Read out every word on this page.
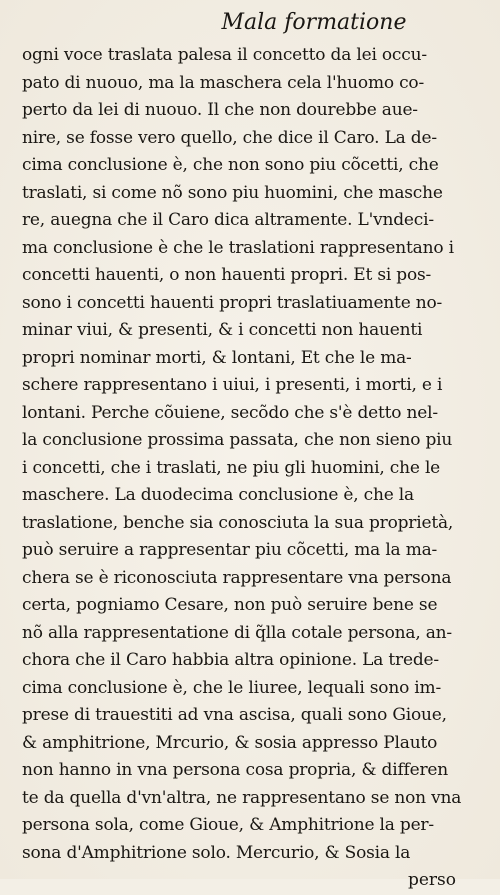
Mala formatione
ogni voce traslata palesa il concetto da lei occu-
pato di nuouo, ma la maschera cela l'huomo co-
perto da lei di nuouo. Il che non dourebbe aue-
nire, se fosse vero quello, che dice il Caro. La de-
cima conclusione è, che non sono piu cõcetti, che
traslati, si come nõ sono piu huomini, che masche
re, auegna che il Caro dica altramente. L'vndeci-
ma conclusione è che le traslationi rappresentano i
concetti hauenti, o non hauenti propri. Et si pos-
sono i concetti hauenti propri traslatiuamente no-
minar viui, & presenti, & i concetti non hauenti
propri nominar morti, & lontani, Et che le ma-
schere rappresentano i uiui, i presenti, i morti, e i
lontani. Perche cõuiene, secõdo che s'è detto nel-
la conclusione prossima passata, che non sieno piu
i concetti, che i traslati, ne piu gli huomini, che le
maschere. La duodecima conclusione è, che la
traslatione, benche sia conosciuta la sua proprietà,
può seruire a rappresentar piu cõcetti, ma la ma-
chera se è riconosciuta rappresentare vna persona
certa, pogniamo Cesare, non può seruire bene se
nõ alla rappresentatione di q̃lla cotale persona, an-
chora che il Caro habbia altra opinione. La trede-
cima conclusione è, che le liuree, lequali sono im-
prese di trauestiti ad vna ascisa, quali sono Gioue,
& amphitrione, Mrcurio, & sosia appresso Plauto
non hanno in vna persona cosa propria, & differen
te da quella d'vn'altra, ne rappresentano se non vna
persona sola, come Gioue, & Amphitrione la per-
sona d'Amphitrione solo. Mercurio, & Sosia la
perso
